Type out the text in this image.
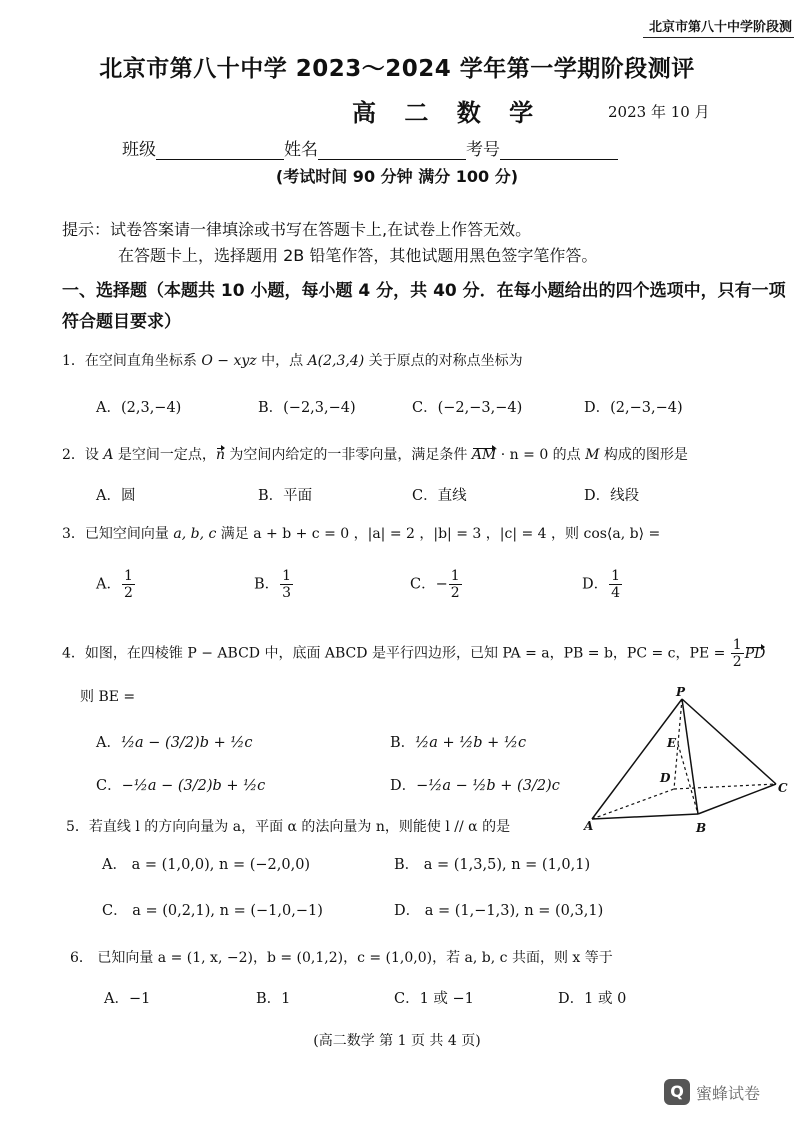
北京市第八十中学阶段测
北京市第八十中学 2023～2024 学年第一学期阶段测评
高 二 数 学	2023 年 10 月
班级	姓名	考号
(考试时间 90 分钟 满分 100 分)
提示：试卷答案请一律填涂或书写在答题卡上,在试卷上作答无效。
在答题卡上，选择题用 2B 铅笔作答，其他试题用黑色签字笔作答。
一、选择题（本题共 10 小题，每小题 4 分，共 40 分．在每小题给出的四个选项中，只有一项
符合题目要求）
1．在空间直角坐标系 O − xyz 中，点 A(2,3,4) 关于原点的对称点坐标为
A．(2,3,−4)	B．(−2,3,−4)	C．(−2,−3,−4)	D．(2,−3,−4)
2．设 A 是空间一定点，n 为空间内给定的一非零向量，满足条件 AM · n = 0 的点 M 构成的图形是
A．圆	B．平面	C．直线	D．线段
3．已知空间向量 a, b, c 满足 a + b + c = 0 ，|a| = 2 ，|b| = 3 ，|c| = 4 ，则 cos⟨a, b⟩ =
A． $\frac{1}{2}$	B． $\frac{1}{3}$	C．− $\frac{1}{2}$	D． $\frac{1}{4}$
4．如图，在四棱锥 P − ABCD 中，底面 ABCD 是平行四边形，已知 PA = a，PB = b，PC = c，PE = $\frac{1}{2}$ PD
则 BE =
A．½a − (3/2)b + ½c	B．½a + ½b + ½c
C．−½a − (3/2)b + ½c	D．−½a − ½b + (3/2)c
P
A	B
C
D
E
5．若直线 l 的方向向量为 a，平面 α 的法向量为 n，则能使 l // α 的是
A． a = (1,0,0), n = (−2,0,0)	B． a = (1,3,5), n = (1,0,1)
C． a = (0,2,1), n = (−1,0,−1)	D． a = (1,−1,3), n = (0,3,1)
6． 已知向量 a = (1, x, −2)，b = (0,1,2)，c = (1,0,0)，若 a, b, c 共面，则 x 等于
A．−1	B．1	C．1 或 −1	D．1 或 0
(高二数学 第 1 页 共 4 页)
Q 蜜蜂试卷
